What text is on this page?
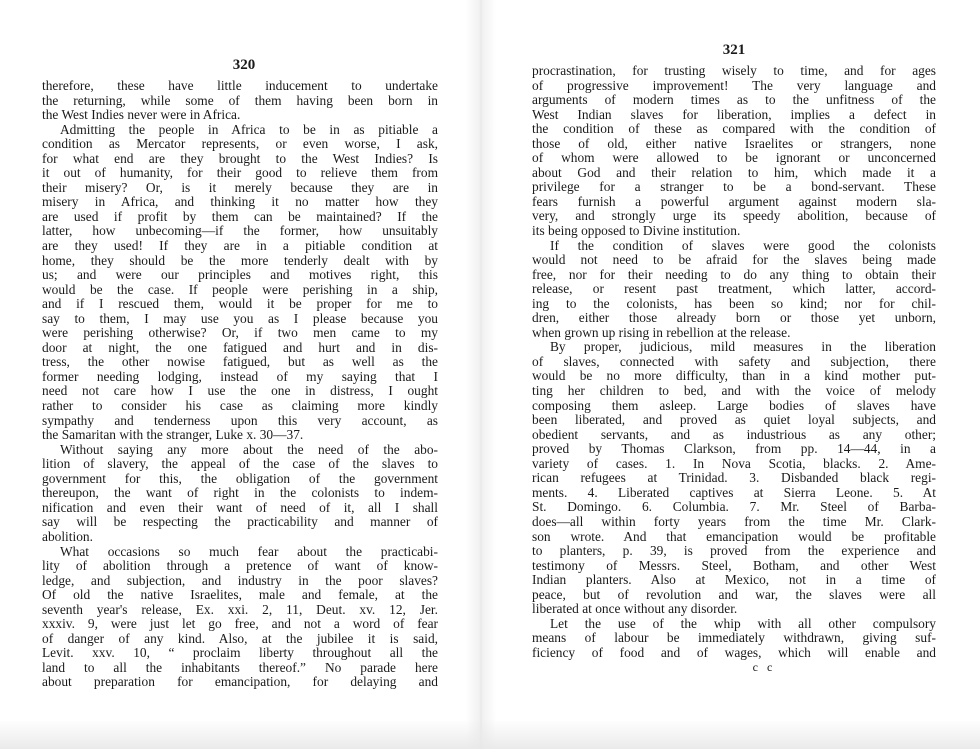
320
therefore, these have little inducement to undertake
the returning, while some of them having been born in
the West Indies never were in Africa.
Admitting the people in Africa to be in as pitiable a
condition as Mercator represents, or even worse, I ask,
for what end are they brought to the West Indies? Is
it out of humanity, for their good to relieve them from
their misery? Or, is it merely because they are in
misery in Africa, and thinking it no matter how they
are used if profit by them can be maintained? If the
latter, how unbecoming—if the former, how unsuitably
are they used! If they are in a pitiable condition at
home, they should be the more tenderly dealt with by
us; and were our principles and motives right, this
would be the case. If people were perishing in a ship,
and if I rescued them, would it be proper for me to
say to them, I may use you as I please because you
were perishing otherwise? Or, if two men came to my
door at night, the one fatigued and hurt and in dis-
tress, the other nowise fatigued, but as well as the
former needing lodging, instead of my saying that I
need not care how I use the one in distress, I ought
rather to consider his case as claiming more kindly
sympathy and tenderness upon this very account, as
the Samaritan with the stranger, Luke x. 30—37.
Without saying any more about the need of the abo-
lition of slavery, the appeal of the case of the slaves to
government for this, the obligation of the government
thereupon, the want of right in the colonists to indem-
nification and even their want of need of it, all I shall
say will be respecting the practicability and manner of
abolition.
What occasions so much fear about the practicabi-
lity of abolition through a pretence of want of know-
ledge, and subjection, and industry in the poor slaves?
Of old the native Israelites, male and female, at the
seventh year's release, Ex. xxi. 2, 11, Deut. xv. 12, Jer.
xxxiv. 9, were just let go free, and not a word of fear
of danger of any kind. Also, at the jubilee it is said,
Levit. xxv. 10, “ proclaim liberty throughout all the
land to all the inhabitants thereof.” No parade here
about preparation for emancipation, for delaying and
321
procrastination, for trusting wisely to time, and for ages
of progressive improvement! The very language and
arguments of modern times as to the unfitness of the
West Indian slaves for liberation, implies a defect in
the condition of these as compared with the condition of
those of old, either native Israelites or strangers, none
of whom were allowed to be ignorant or unconcerned
about God and their relation to him, which made it a
privilege for a stranger to be a bond-servant. These
fears furnish a powerful argument against modern sla-
very, and strongly urge its speedy abolition, because of
its being opposed to Divine institution.
If the condition of slaves were good the colonists
would not need to be afraid for the slaves being made
free, nor for their needing to do any thing to obtain their
release, or resent past treatment, which latter, accord-
ing to the colonists, has been so kind; nor for chil-
dren, either those already born or those yet unborn,
when grown up rising in rebellion at the release.
By proper, judicious, mild measures in the liberation
of slaves, connected with safety and subjection, there
would be no more difficulty, than in a kind mother put-
ting her children to bed, and with the voice of melody
composing them asleep. Large bodies of slaves have
been liberated, and proved as quiet loyal subjects, and
obedient servants, and as industrious as any other;
proved by Thomas Clarkson, from pp. 14—44, in a
variety of cases. 1. In Nova Scotia, blacks. 2. Ame-
rican refugees at Trinidad. 3. Disbanded black regi-
ments. 4. Liberated captives at Sierra Leone. 5. At
St. Domingo. 6. Columbia. 7. Mr. Steel of Barba-
does—all within forty years from the time Mr. Clark-
son wrote. And that emancipation would be profitable
to planters, p. 39, is proved from the experience and
testimony of Messrs. Steel, Botham, and other West
Indian planters. Also at Mexico, not in a time of
peace, but of revolution and war, the slaves were all
liberated at once without any disorder.
Let the use of the whip with all other compulsory
means of labour be immediately withdrawn, giving suf-
ficiency of food and of wages, which will enable and
c c
